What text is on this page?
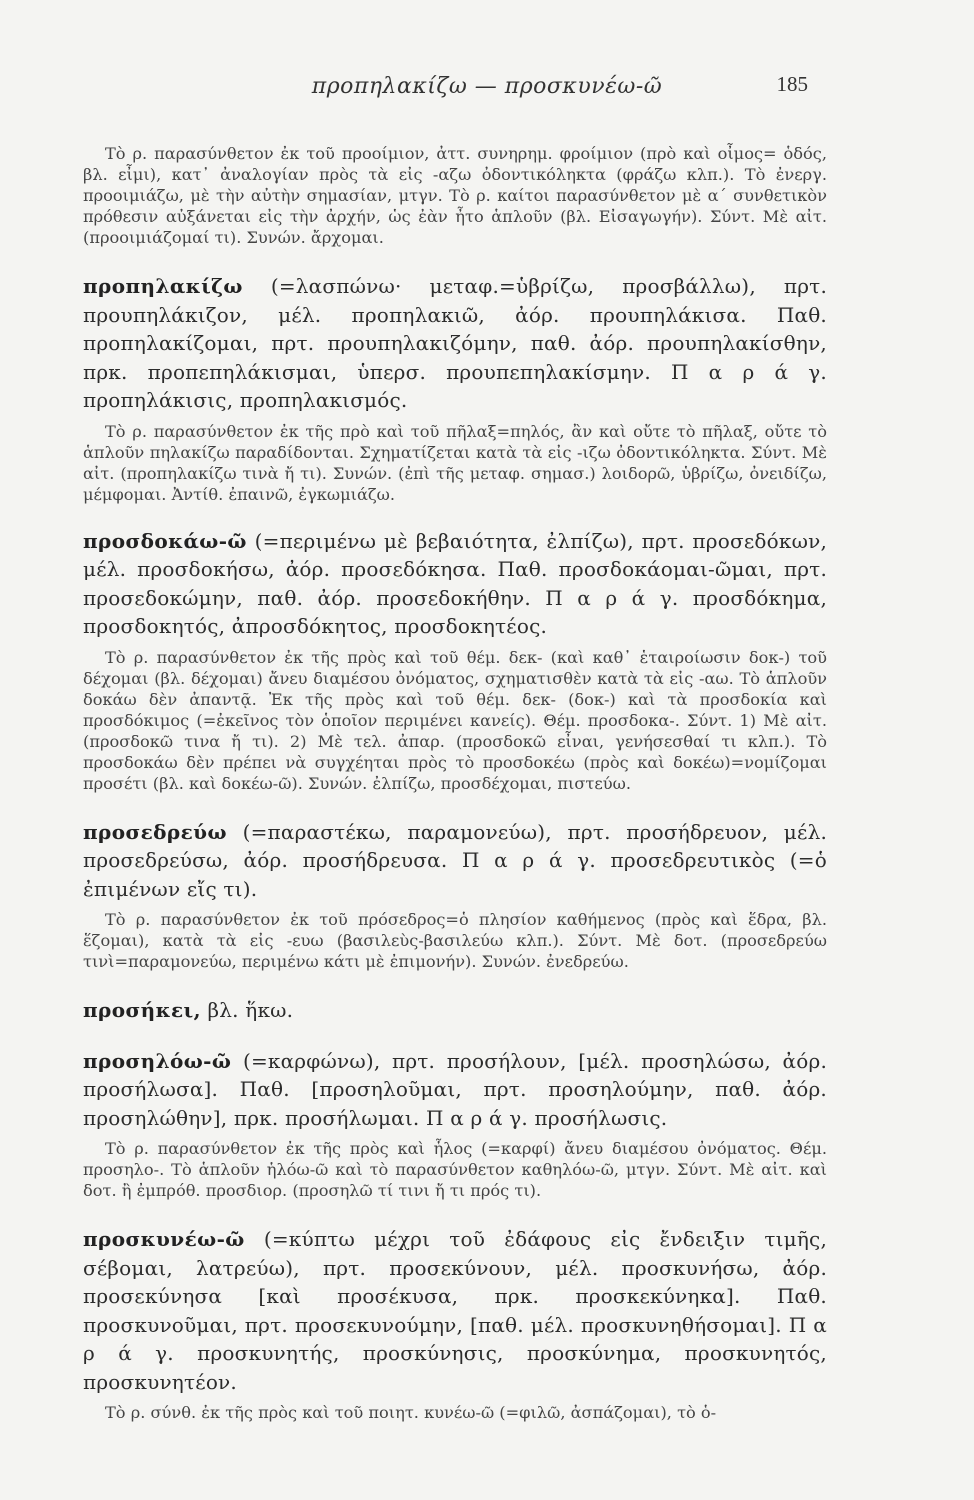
προπηλακίζω — προσκυνέω-ῶ	185

Τὸ ρ. παρασύνθετον ἐκ τοῦ προοίμιον, ἀττ. συνηρημ. φροίμιον (πρὸ καὶ οἶμος= ὁδός, βλ. εἶμι), κατ᾽ ἀναλογίαν πρὸς τὰ εἰς -αζω ὀδοντικόληκτα (φράζω κλπ.). Τὸ ἐνεργ. προοιμιάζω, μὲ τὴν αὐτὴν σημασίαν, μτγν. Τὸ ρ. καίτοι παρασύνθετον μὲ α΄ συνθετικὸν πρόθεσιν αὐξάνεται εἰς τὴν ἀρχήν, ὡς ἐὰν ἦτο ἁπλοῦν (βλ. Εἰσαγωγήν). Σύντ. Μὲ αἰτ. (προοιμιάζομαί τι). Συνών. ἄρχομαι.

προπηλακίζω (=λασπώνω· μεταφ.=ὑβρίζω, προσβάλλω), πρτ. προυπηλάκιζον, μέλ. προπηλακιῶ, ἀόρ. προυπηλάκισα. Παθ. προπηλακίζομαι, πρτ. προυπηλακιζόμην, παθ. ἀόρ. προυπηλακίσθην, πρκ. προπεπηλάκισμαι, ὑπερσ. προυπεπηλακίσμην. Π α ρ ά γ. προπηλάκισις, προπηλακισμός.

Τὸ ρ. παρασύνθετον ἐκ τῆς πρὸ καὶ τοῦ πῆλαξ=πηλός, ἂν καὶ οὔτε τὸ πῆλαξ, οὔτε τὸ ἁπλοῦν πηλακίζω παραδίδονται. Σχηματίζεται κατὰ τὰ εἰς -ιζω ὀδοντικόληκτα. Σύντ. Μὲ αἰτ. (προπηλακίζω τινὰ ἤ τι). Συνών. (ἐπὶ τῆς μεταφ. σημασ.) λοιδορῶ, ὑβρίζω, ὀνειδίζω, μέμφομαι. Ἀντίθ. ἐπαινῶ, ἐγκωμιάζω.

προσδοκάω-ῶ (=περιμένω μὲ βεβαιότητα, ἐλπίζω), πρτ. προσεδόκων, μέλ. προσδοκήσω, ἀόρ. προσεδόκησα. Παθ. προσδοκάομαι-ῶμαι, πρτ. προσεδοκώμην, παθ. ἀόρ. προσεδοκήθην. Π α ρ ά γ. προσδόκημα, προσδοκητός, ἀπροσδόκητος, προσδοκητέος.

Τὸ ρ. παρασύνθετον ἐκ τῆς πρὸς καὶ τοῦ θέμ. δεκ- (καὶ καθ᾽ ἑταιροίωσιν δοκ-) τοῦ δέχομαι (βλ. δέχομαι) ἄνευ διαμέσου ὀνόματος, σχηματισθὲν κατὰ τὰ εἰς -αω. Τὸ ἁπλοῦν δοκάω δὲν ἀπαντᾷ. Ἐκ τῆς πρὸς καὶ τοῦ θέμ. δεκ- (δοκ-) καὶ τὰ προσδοκία καὶ προσδόκιμος (=ἐκεῖνος τὸν ὁποῖον περιμένει κανείς). Θέμ. προσδοκα-. Σύντ. 1) Μὲ αἰτ. (προσδοκῶ τινα ἤ τι). 2) Μὲ τελ. ἀπαρ. (προσδοκῶ εἶναι, γενήσεσθαί τι κλπ.). Τὸ προσδοκάω δὲν πρέπει νὰ συγχέηται πρὸς τὸ προσδοκέω (πρὸς καὶ δοκέω)=νομίζομαι προσέτι (βλ. καὶ δοκέω-ῶ). Συνών. ἐλπίζω, προσδέχομαι, πιστεύω.

προσεδρεύω (=παραστέκω, παραμονεύω), πρτ. προσήδρευον, μέλ. προσεδρεύσω, ἀόρ. προσήδρευσα. Π α ρ ά γ. προσεδρευτικὸς (=ὁ ἐπιμένων εἴς τι).

Τὸ ρ. παρασύνθετον ἐκ τοῦ πρόσεδρος=ὁ πλησίον καθήμενος (πρὸς καὶ ἕδρα, βλ. ἕζομαι), κατὰ τὰ εἰς -ευω (βασιλεὺς-βασιλεύω κλπ.). Σύντ. Μὲ δοτ. (προσεδρεύω τινὶ=παραμονεύω, περιμένω κάτι μὲ ἐπιμονήν). Συνών. ἐνεδρεύω.

προσήκει, βλ. ἥκω.

προσηλόω-ῶ (=καρφώνω), πρτ. προσήλουν, [μέλ. προσηλώσω, ἀόρ. προσήλωσα]. Παθ. [προσηλοῦμαι, πρτ. προσηλούμην, παθ. ἀόρ. προσηλώθην], πρκ. προσήλωμαι. Π α ρ ά γ. προσήλωσις.

Τὸ ρ. παρασύνθετον ἐκ τῆς πρὸς καὶ ἧλος (=καρφί) ἄνευ διαμέσου ὀνόματος. Θέμ. προσηλο-. Τὸ ἁπλοῦν ἡλόω-ῶ καὶ τὸ παρασύνθετον καθηλόω-ῶ, μτγν. Σύντ. Μὲ αἰτ. καὶ δοτ. ἢ ἐμπρόθ. προσδιορ. (προσηλῶ τί τινι ἤ τι πρός τι).

προσκυνέω-ῶ (=κύπτω μέχρι τοῦ ἐδάφους εἰς ἔνδειξιν τιμῆς, σέβομαι, λατρεύω), πρτ. προσεκύνουν, μέλ. προσκυνήσω, ἀόρ. προσεκύνησα [καὶ προσέκυσα, πρκ. προσκεκύνηκα]. Παθ. προσκυνοῦμαι, πρτ. προσεκυνούμην, [παθ. μέλ. προσκυνηθήσομαι]. Π α ρ ά γ. προσκυνητής, προσκύνησις, προσκύνημα, προσκυνητός, προσκυνητέον.

Τὸ ρ. σύνθ. ἐκ τῆς πρὸς καὶ τοῦ ποιητ. κυνέω-ῶ (=φιλῶ, ἀσπάζομαι), τὸ ὁ-
